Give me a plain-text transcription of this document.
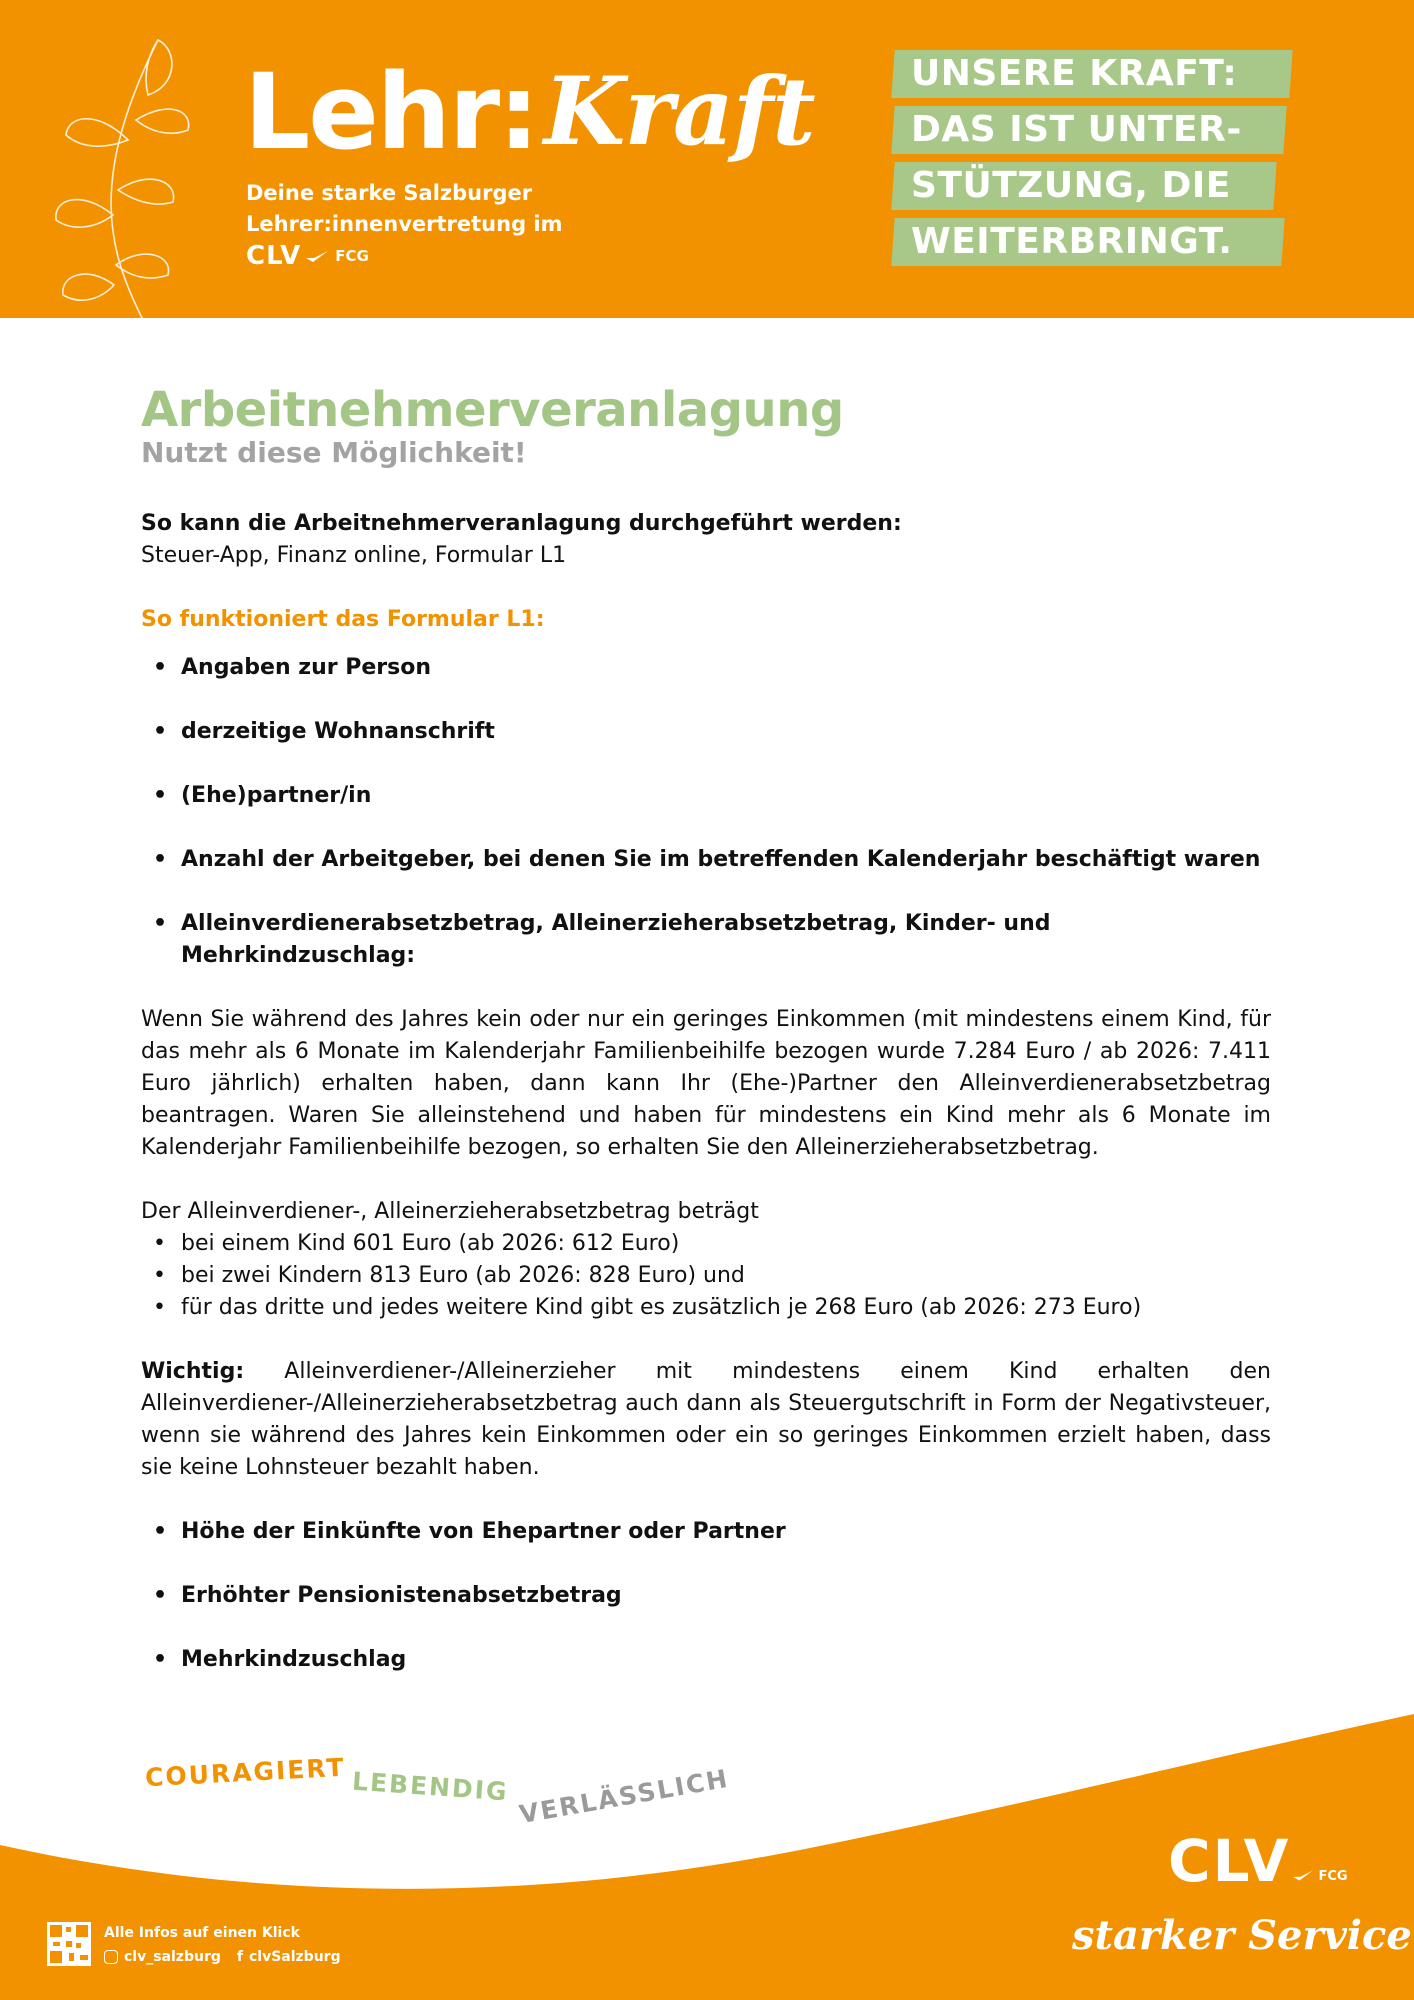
Lehr:Kraft
Deine starke Salzburger
Lehrer:innenvertretung im
CLV FCG
UNSERE KRAFT:
DAS IST UNTER-
STÜTZUNG, DIE
WEITERBRINGT.
Arbeitnehmerveranlagung
Nutzt diese Möglichkeit!
So kann die Arbeitnehmerveranlagung durchgeführt werden:
Steuer-App, Finanz online, Formular L1
So funktioniert das Formular L1:
• Angaben zur Person
• derzeitige Wohnanschrift
• (Ehe)partner/in
• Anzahl der Arbeitgeber, bei denen Sie im betreffenden Kalenderjahr beschäftigt waren
• Alleinverdienerabsetzbetrag, Alleinerzieherabsetzbetrag, Kinder- und Mehrkindzuschlag:

Wenn Sie während des Jahres kein oder nur ein geringes Einkommen (mit mindestens einem Kind, für das mehr als 6 Monate im Kalenderjahr Familienbeihilfe bezogen wurde 7.284 Euro / ab 2026: 7.411 Euro jährlich) erhalten haben, dann kann Ihr (Ehe-)Partner den Alleinverdienerabsetzbetrag beantragen. Waren Sie alleinstehend und haben für mindestens ein Kind mehr als 6 Monate im Kalenderjahr Familienbeihilfe bezogen, so erhalten Sie den Alleinerzieherabsetzbetrag.

Der Alleinverdiener-, Alleinerzieherabsetzbetrag beträgt
• bei einem Kind 601 Euro (ab 2026: 612 Euro)
• bei zwei Kindern 813 Euro (ab 2026: 828 Euro) und
• für das dritte und jedes weitere Kind gibt es zusätzlich je 268 Euro (ab 2026: 273 Euro)

Wichtig: Alleinverdiener-/Alleinerzieher mit mindestens einem Kind erhalten den Alleinverdiener-/Alleinerzieherabsetzbetrag auch dann als Steuergutschrift in Form der Negativsteuer, wenn sie während des Jahres kein Einkommen oder ein so geringes Einkommen erzielt haben, dass sie keine Lohnsteuer bezahlt haben.

• Höhe der Einkünfte von Ehepartner oder Partner
• Erhöhter Pensionistenabsetzbetrag
• Mehrkindzuschlag
COURAGIERT LEBENDIG VERLÄSSLICH
CLV FCG
starker Service
Alle Infos auf einen Klick
clv_salzburg f clvSalzburg
